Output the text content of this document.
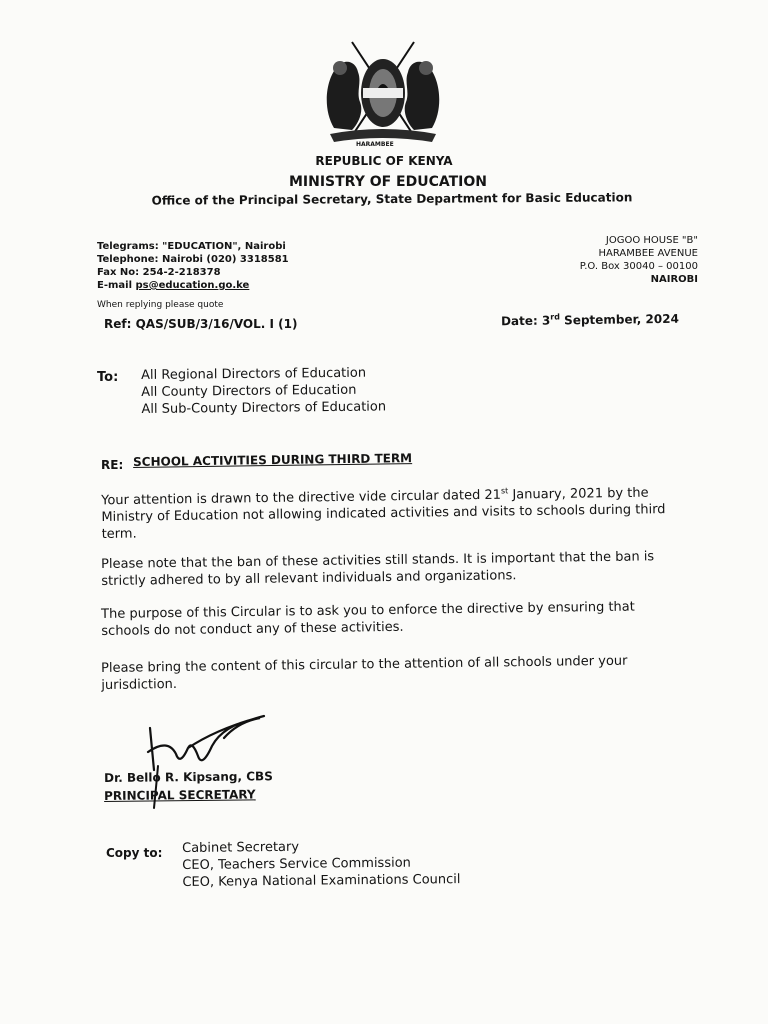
HARAMBEE
REPUBLIC OF KENYA
MINISTRY OF EDUCATION
Office of the Principal Secretary, State Department for Basic Education
Telegrams: "EDUCATION", Nairobi
Telephone: Nairobi (020) 3318581
Fax No: 254-2-218378
E-mail ps@education.go.ke
JOGOO HOUSE "B"
HARAMBEE AVENUE
P.O. Box 30040 – 00100
NAIROBI
When replying please quote
Ref: QAS/SUB/3/16/VOL. I (1)	Date: 3rd September, 2024
To: All Regional Directors of Education
All County Directors of Education
All Sub-County Directors of Education
RE: SCHOOL ACTIVITIES DURING THIRD TERM
Your attention is drawn to the directive vide circular dated 21st January, 2021 by the Ministry of Education not allowing indicated activities and visits to schools during third term.
Please note that the ban of these activities still stands. It is important that the ban is strictly adhered to by all relevant individuals and organizations.
The purpose of this Circular is to ask you to enforce the directive by ensuring that schools do not conduct any of these activities.
Please bring the content of this circular to the attention of all schools under your jurisdiction.
Dr. Bello R. Kipsang, CBS
PRINCIPAL SECRETARY
Copy to: Cabinet Secretary
CEO, Teachers Service Commission
CEO, Kenya National Examinations Council
